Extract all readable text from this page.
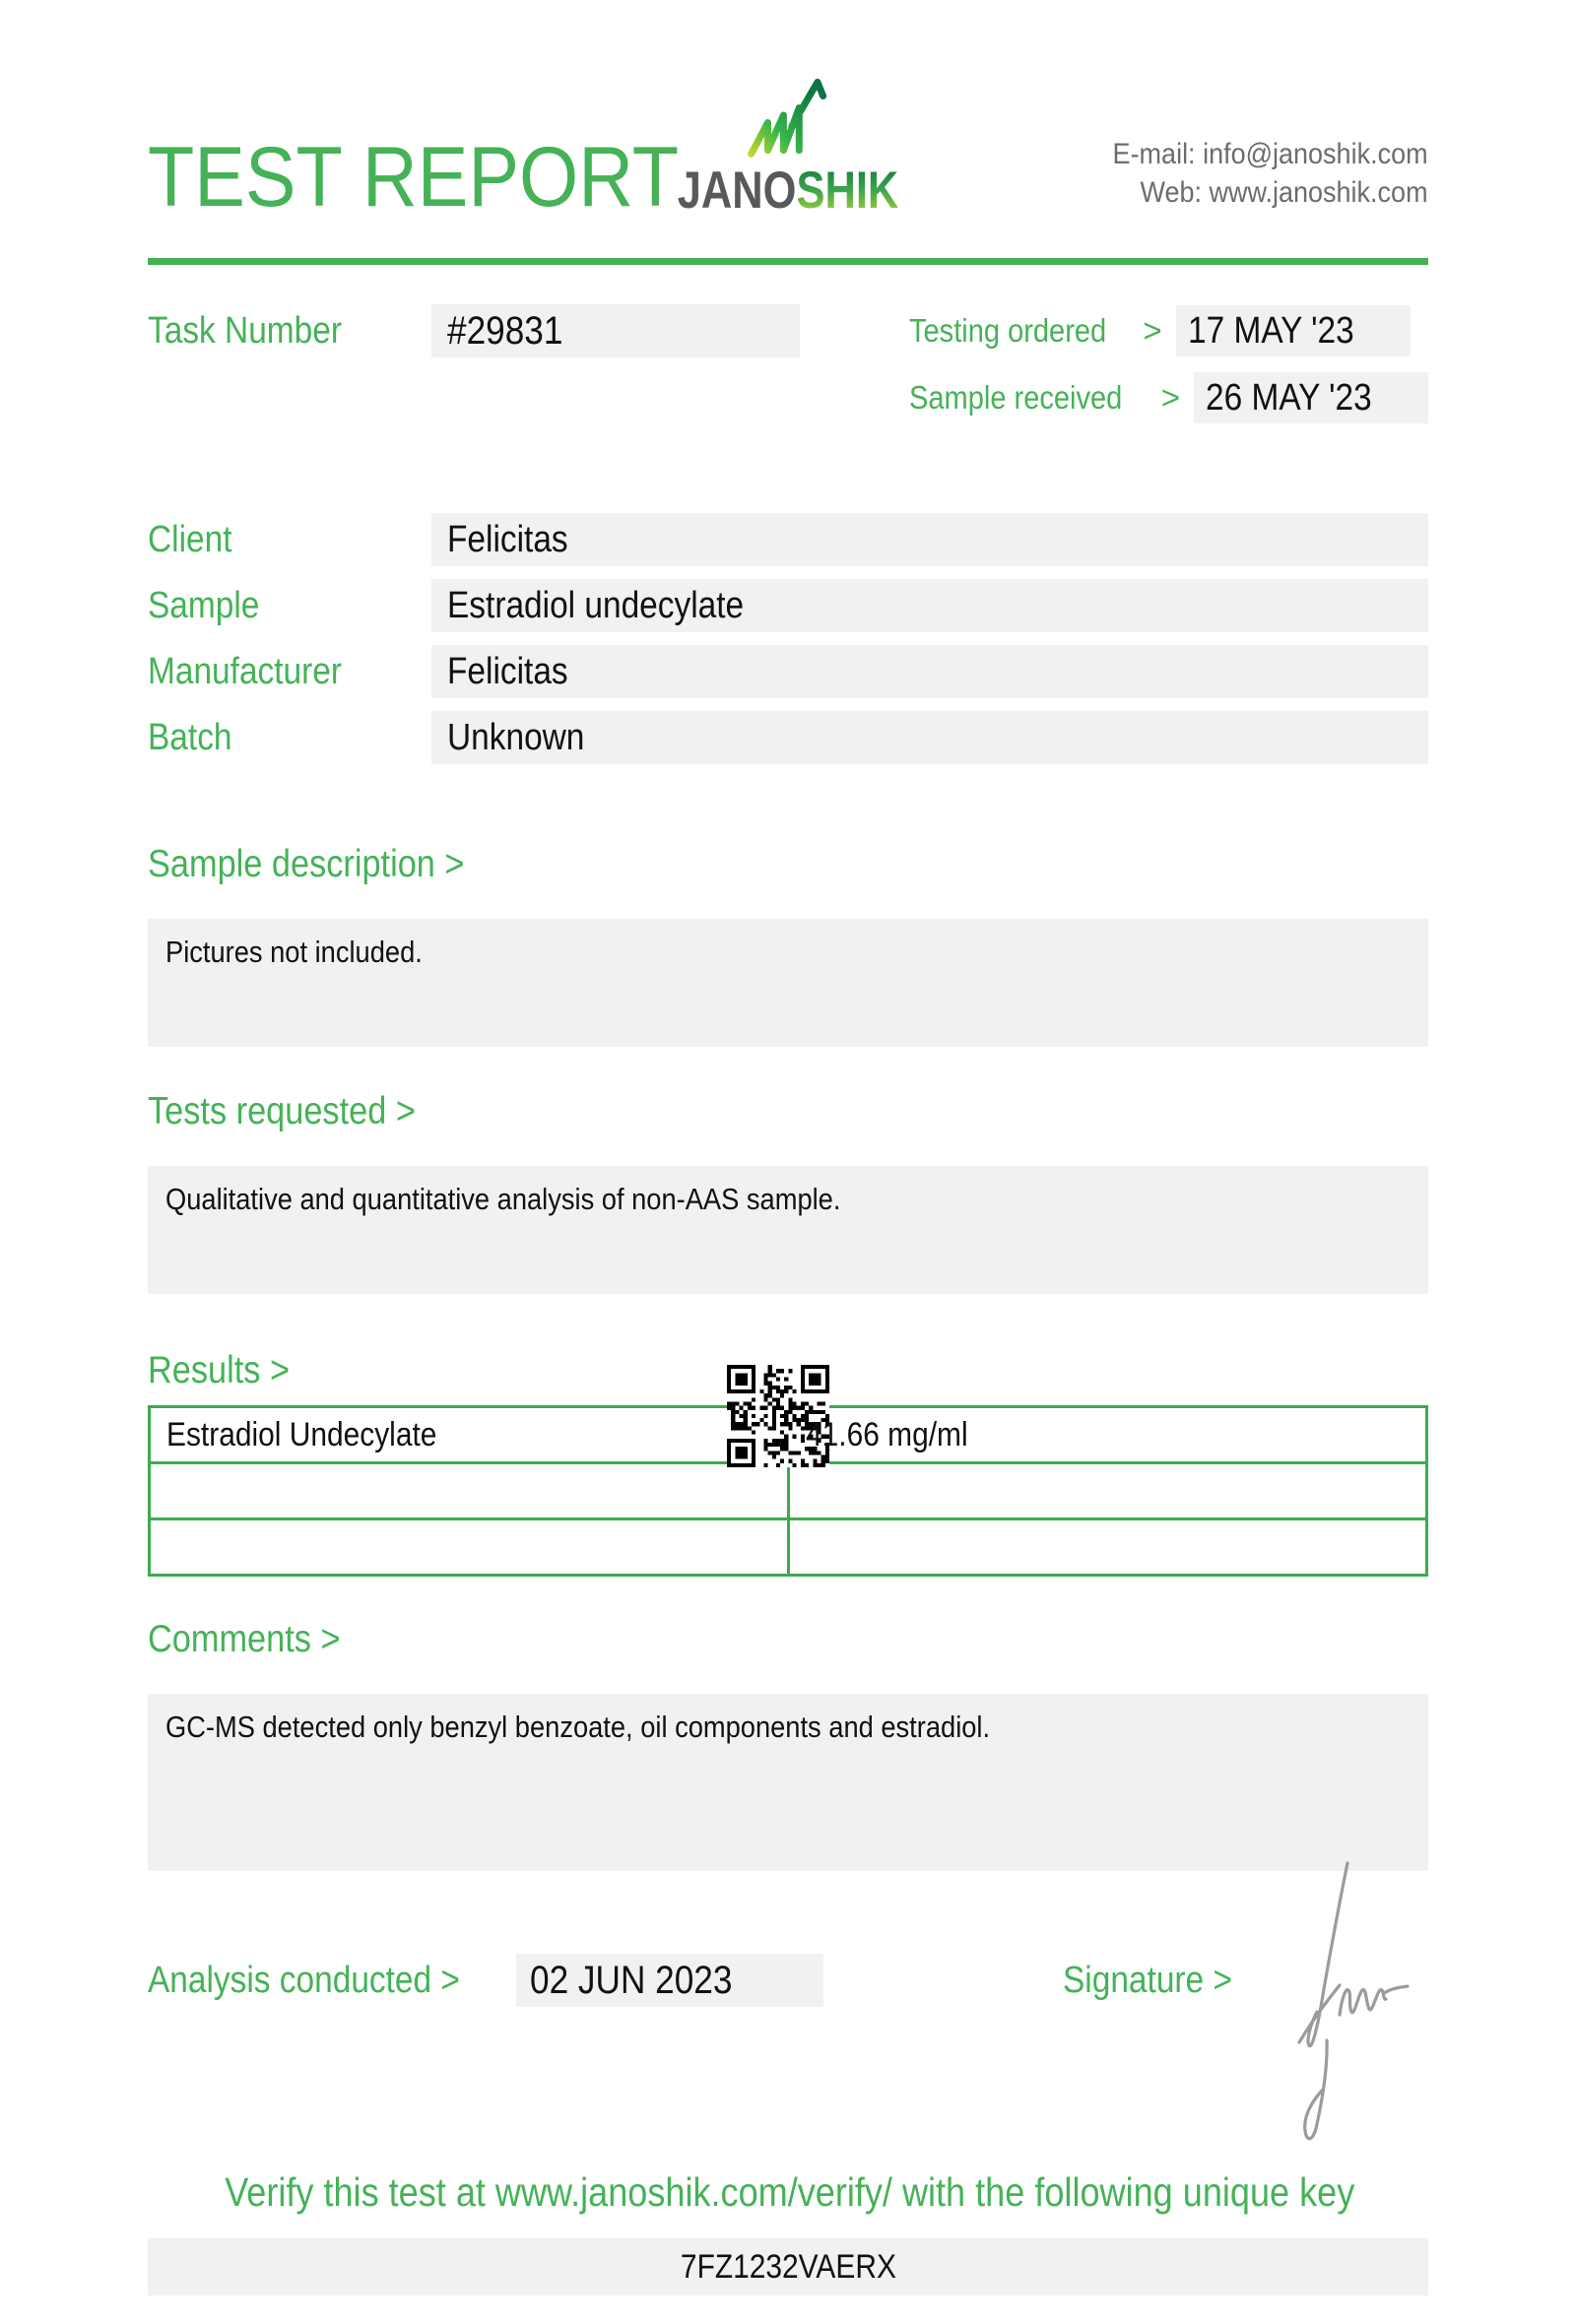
TEST REPORT
JANOSHIK
E-mail: info@janoshik.com
Web: www.janoshik.com
Task Number	#29831	Testing ordered	> 17 MAY '23
Sample received	> 26 MAY '23
Client	Felicitas
Sample	Estradiol undecylate
Manufacturer	Felicitas
Batch	Unknown
Sample description >
Pictures not included.
Tests requested >
Qualitative and quantitative analysis of non-AAS sample.
Results >
Estradiol Undecylate	41.66 mg/ml

Comments >
GC-MS detected only benzyl benzoate, oil components and estradiol.
Analysis conducted >	02 JUN 2023	Signature >
Verify this test at www.janoshik.com/verify/ with the following unique key
7FZ1232VAERX
